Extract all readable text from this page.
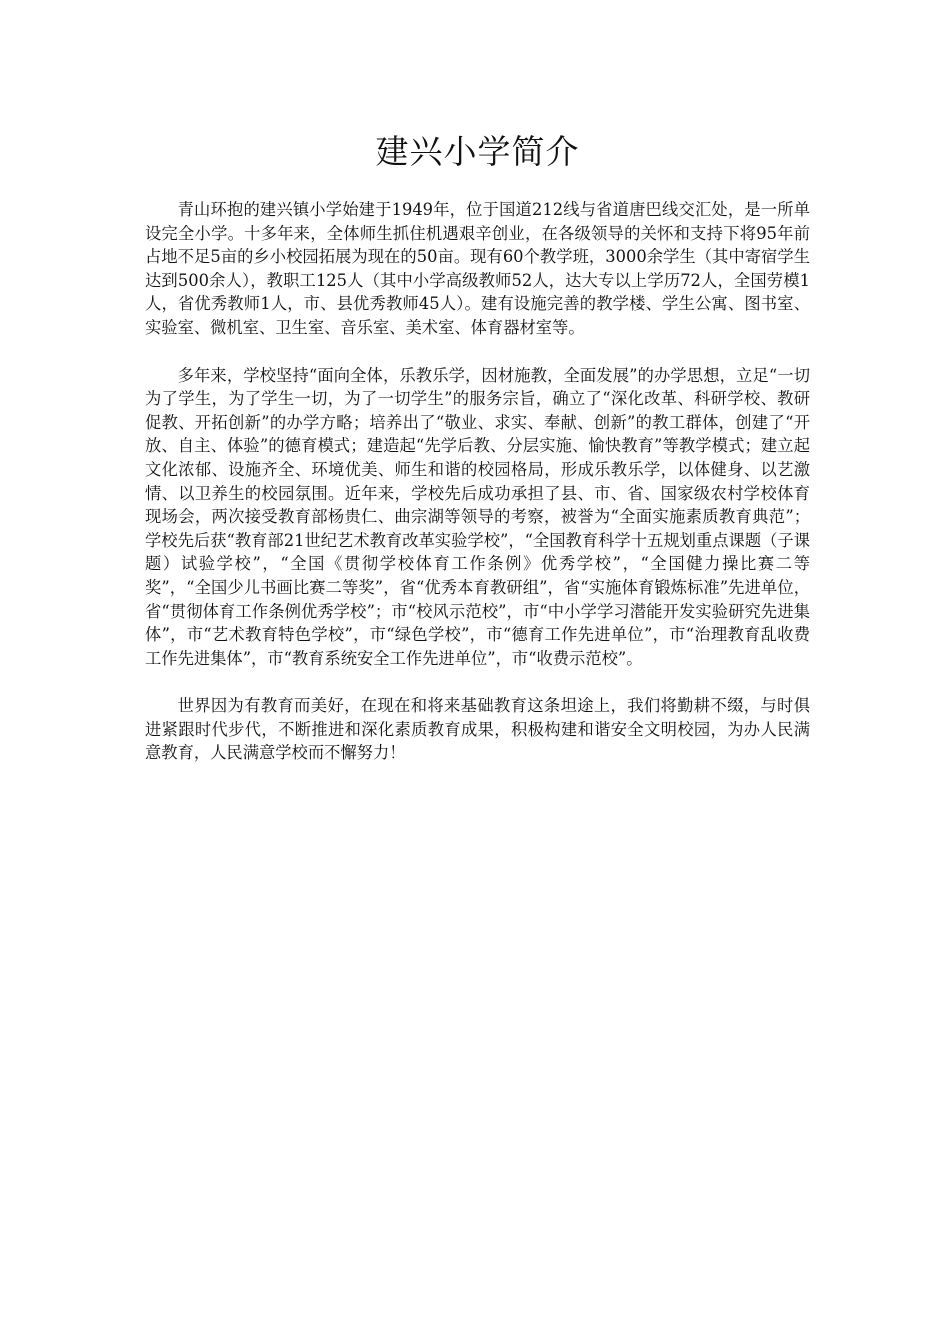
建兴小学简介

青山环抱的建兴镇小学始建于1949年，位于国道212线与省道唐巴线交汇处，是一所单设完全小学。十多年来，全体师生抓住机遇艰辛创业，在各级领导的关怀和支持下将95年前占地不足5亩的乡小校园拓展为现在的50亩。现有60个教学班，3000余学生（其中寄宿学生达到500余人），教职工125人（其中小学高级教师52人，达大专以上学历72人，全国劳模1人，省优秀教师1人，市、县优秀教师45人）。建有设施完善的教学楼、学生公寓、图书室、实验室、微机室、卫生室、音乐室、美术室、体育器材室等。

多年来，学校坚持“面向全体，乐教乐学，因材施教，全面发展”的办学思想，立足“一切为了学生，为了学生一切，为了一切学生”的服务宗旨，确立了“深化改革、科研学校、教研促教、开拓创新”的办学方略；培养出了“敬业、求实、奉献、创新”的教工群体，创建了“开放、自主、体验”的德育模式；建造起“先学后教、分层实施、愉快教育”等教学模式；建立起文化浓郁、设施齐全、环境优美、师生和谐的校园格局，形成乐教乐学，以体健身、以艺激情、以卫养生的校园氛围。近年来，学校先后成功承担了县、市、省、国家级农村学校体育现场会，两次接受教育部杨贵仁、曲宗湖等领导的考察，被誉为“全面实施素质教育典范”；学校先后获“教育部21世纪艺术教育改革实验学校”，“全国教育科学十五规划重点课题（子课题）试验学校”，“全国《贯彻学校体育工作条例》优秀学校”，“全国健力操比赛二等奖”，“全国少儿书画比赛二等奖”，省“优秀本育教研组”，省“实施体育锻炼标准”先进单位，省“贯彻体育工作条例优秀学校”；市“校风示范校”，市“中小学学习潜能开发实验研究先进集体”，市“艺术教育特色学校”，市“绿色学校”，市“德育工作先进单位”，市“治理教育乱收费工作先进集体”，市“教育系统安全工作先进单位”，市“收费示范校”。

世界因为有教育而美好，在现在和将来基础教育这条坦途上，我们将勤耕不缀，与时俱进紧跟时代步代，不断推进和深化素质教育成果，积极构建和谐安全文明校园，为办人民满意教育，人民满意学校而不懈努力！
